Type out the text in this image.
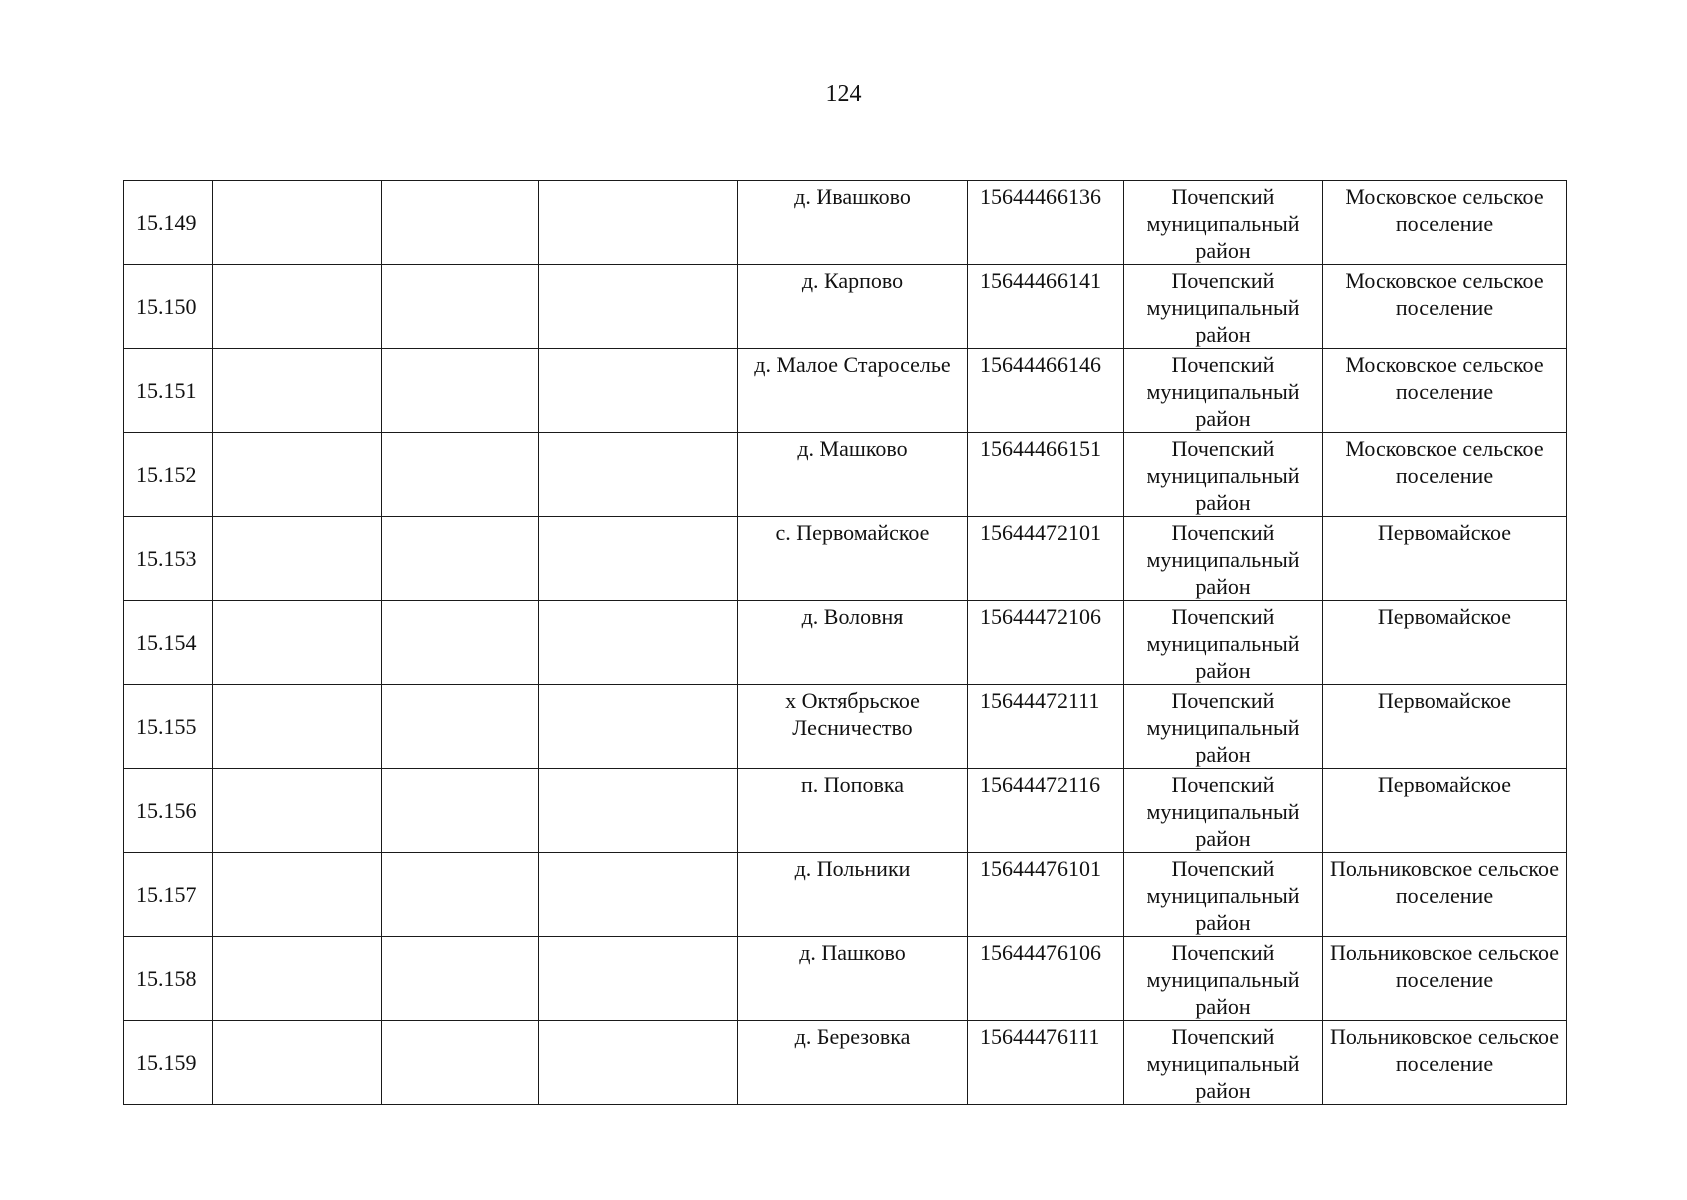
124
15.149				д. Ивашково	15644466136	Почепский муниципальный район	Московское сельское поселение

15.150				д. Карпово	15644466141	Почепский муниципальный район	Московское сельское поселение

15.151				д. Малое Староселье	15644466146	Почепский муниципальный район	Московское сельское поселение

15.152				д. Машково	15644466151	Почепский муниципальный район	Московское сельское поселение

15.153				с. Первомайское	15644472101	Почепский муниципальный район	Первомайское

15.154				д. Воловня	15644472106	Почепский муниципальный район	Первомайское

15.155				х Октябрьское Лесничество	15644472111	Почепский муниципальный район	Первомайское

15.156				п. Поповка	15644472116	Почепский муниципальный район	Первомайское

15.157				д. Польники	15644476101	Почепский муниципальный район	Польниковское сельское поселение

15.158				д. Пашково	15644476106	Почепский муниципальный район	Польниковское сельское поселение

15.159				д. Березовка	15644476111	Почепский муниципальный район	Польниковское сельское поселение
